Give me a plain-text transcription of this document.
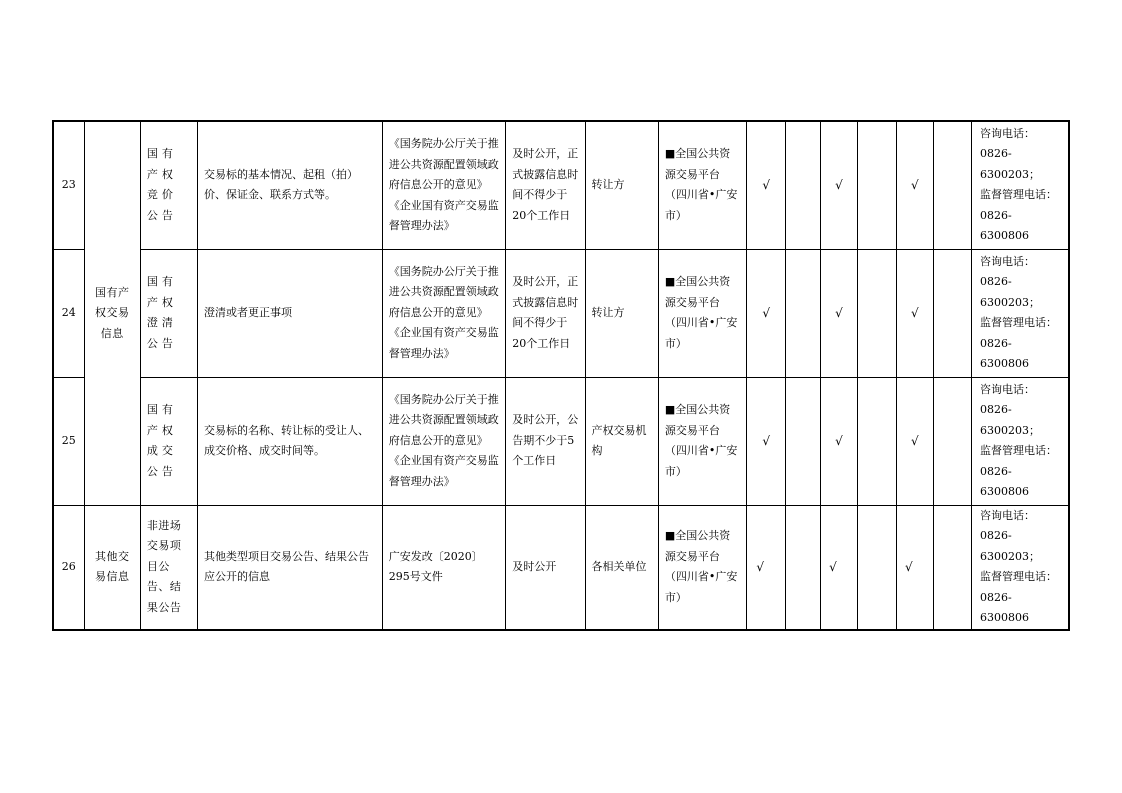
23	国有产权交易信息	国有产权竞价公告	交易标的基本情况、起租（拍）价、保证金、联系方式等。	《国务院办公厅关于推进公共资源配置领域政府信息公开的意见》《企业国有资产交易监督管理办法》	及时公开，正式披露信息时间不得少于20个工作日	转让方	■全国公共资源交易平台（四川省•广安市）	√		√		√		咨询电话：
0826-6300203；
监督管理电话：
0826-6300806

24		国有产权澄清公告	澄清或者更正事项	《国务院办公厅关于推进公共资源配置领域政府信息公开的意见》《企业国有资产交易监督管理办法》	及时公开，正式披露信息时间不得少于20个工作日	转让方	■全国公共资源交易平台（四川省•广安市）	√		√		√		咨询电话：
0826-6300203；
监督管理电话：
0826-6300806

25		国有产权成交公告	交易标的名称、转让标的受让人、成交价格、成交时间等。	《国务院办公厅关于推进公共资源配置领域政府信息公开的意见》《企业国有资产交易监督管理办法》	及时公开，公告期不少于5个工作日	产权交易机构	■全国公共资源交易平台（四川省•广安市）	√		√		√		咨询电话：
0826-6300203；
监督管理电话：
0826-6300806

26	其他交易信息	非进场交易项目公告、结果公告	其他类型项目交易公告、结果公告应公开的信息	广安发改〔2020〕295号文件	及时公开	各相关单位	■全国公共资源交易平台（四川省•广安市）	√		√		√		咨询电话：
0826-6300203；
监督管理电话：
0826-6300806
